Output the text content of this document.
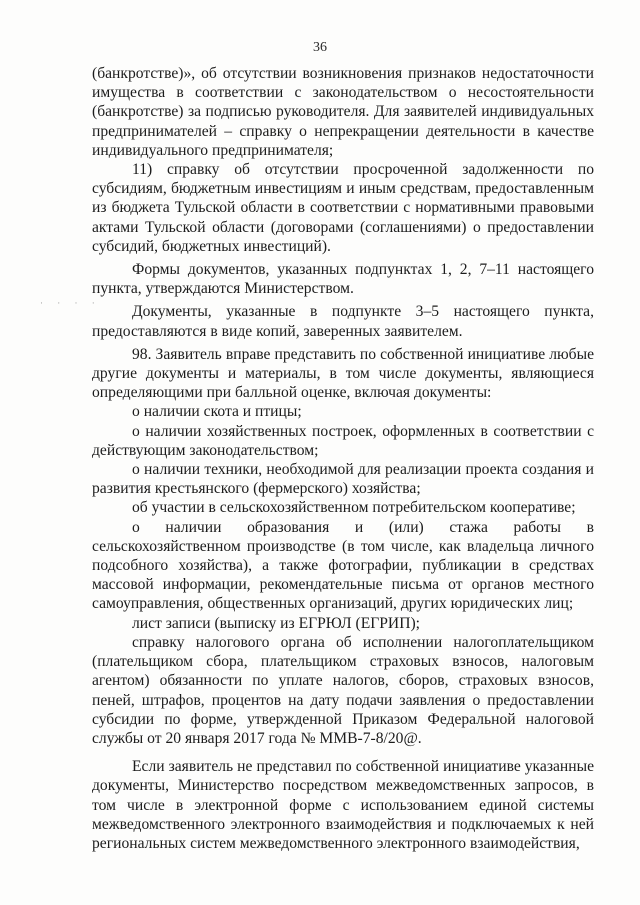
36
· · · ·

(банкротстве)», об отсутствии возникновения признаков недостаточности имущества в соответствии с законодательством о несостоятельности (банкротстве) за подписью руководителя. Для заявителей индивидуальных предпринимателей – справку о непрекращении деятельности в качестве индивидуального предпринимателя;

11) справку об отсутствии просроченной задолженности по субсидиям, бюджетным инвестициям и иным средствам, предоставленным из бюджета Тульской области в соответствии с нормативными правовыми актами Тульской области (договорами (соглашениями) о предоставлении субсидий, бюджетных инвестиций).

Формы документов, указанных подпунктах 1, 2, 7–11 настоящего пункта, утверждаются Министерством.

Документы, указанные в подпункте 3–5 настоящего пункта, предоставляются в виде копий, заверенных заявителем.

98. Заявитель вправе представить по собственной инициативе любые другие документы и материалы, в том числе документы, являющиеся определяющими при балльной оценке, включая документы:

о наличии скота и птицы;

о наличии хозяйственных построек, оформленных в соответствии с действующим законодательством;

о наличии техники, необходимой для реализации проекта создания и развития крестьянского (фермерского) хозяйства;

об участии в сельскохозяйственном потребительском кооперативе;

о наличии образования и (или) стажа работы в сельскохозяйственном производстве (в том числе, как владельца личного подсобного хозяйства), а также фотографии, публикации в средствах массовой информации, рекомендательные письма от органов местного самоуправления, общественных организаций, других юридических лиц;

лист записи (выписку из ЕГРЮЛ (ЕГРИП);

справку налогового органа об исполнении налогоплательщиком (плательщиком сбора, плательщиком страховых взносов, налоговым агентом) обязанности по уплате налогов, сборов, страховых взносов, пеней, штрафов, процентов на дату подачи заявления о предоставлении субсидии по форме, утвержденной Приказом Федеральной налоговой службы от 20 января 2017 года № ММВ-7-8/20@.

Если заявитель не представил по собственной инициативе указанные документы, Министерство посредством межведомственных запросов, в том числе в электронной форме с использованием единой системы межведомственного электронного взаимодействия и подключаемых к ней региональных систем межведомственного электронного взаимодействия,
